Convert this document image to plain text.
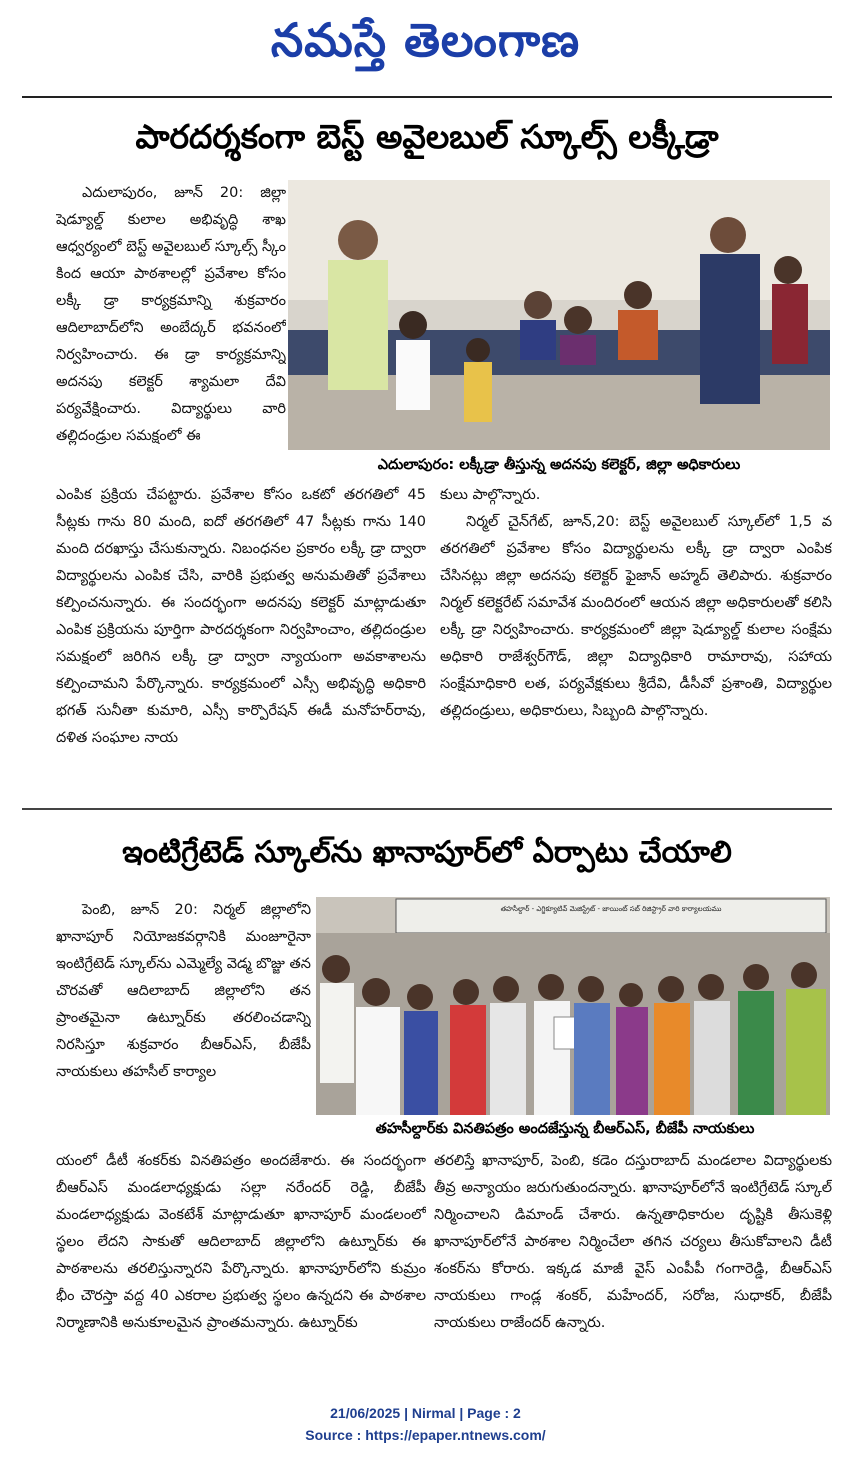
నమస్తే తెలంగాణ
పారదర్శకంగా బెస్ట్ అవైలబుల్ స్కూల్స్ లక్కీడ్రా

ఎదులాపురం, జూన్ 20: జిల్లా షెడ్యూల్డ్ కులాల అభివృద్ధి శాఖ ఆధ్వర్యంలో బెస్ట్ అవైలబుల్ స్కూల్స్ స్కీం కింద ఆయా పాఠశాలల్లో ప్రవేశాల కోసం లక్కీ డ్రా కార్యక్రమాన్ని శుక్రవారం ఆదిలాబాద్‌లోని అంబేద్కర్ భవనంలో నిర్వహించారు. ఈ డ్రా కార్యక్రమాన్ని అదనపు కలెక్టర్ శ్యామలా దేవి పర్యవేక్షించారు. విద్యార్థులు వారి తల్లిదండ్రుల సమక్షంలో ఈ

ఎదులాపురం: లక్కీడ్రా తీస్తున్న అదనపు కలెక్టర్, జిల్లా అధికారులు

ఎంపిక ప్రక్రియ చేపట్టారు. ప్రవేశాల కోసం ఒకటో తరగతిలో 45 సీట్లకు గాను 80 మంది, ఐదో తరగతిలో 47 సీట్లకు గాను 140 మంది దరఖాస్తు చేసుకున్నారు. నిబంధనల ప్రకారం లక్కీ డ్రా ద్వారా విద్యార్థులను ఎంపిక చేసి, వారికి ప్రభుత్వ అనుమతితో ప్రవేశాలు కల్పించనున్నారు. ఈ సందర్భంగా అదనపు కలెక్టర్ మాట్లాడుతూ ఎంపిక ప్రక్రియను పూర్తిగా పారదర్శకంగా నిర్వహించాం, తల్లిదండ్రుల సమక్షంలో జరిగిన లక్కీ డ్రా ద్వారా న్యాయంగా అవకాశాలను కల్పించామని పేర్కొన్నారు. కార్యక్రమంలో ఎస్సీ అభివృద్ధి అధికారి భగత్ సునీతా కుమారి, ఎస్సీ కార్పొరేషన్ ఈడీ మనోహర్‌రావు, దళిత సంఘాల నాయ

కులు పాల్గొన్నారు.

నిర్మల్ చైన్‌గేట్, జూన్,20: బెస్ట్ అవైలబుల్ స్కూల్‌లో 1,5 వ తరగతిలో ప్రవేశాల కోసం విద్యార్థులను లక్కీ డ్రా ద్వారా ఎంపిక చేసినట్లు జిల్లా అదనపు కలెక్టర్ ఫైజాన్ అహ్మద్ తెలిపారు. శుక్రవారం నిర్మల్ కలెక్టరేట్ సమావేశ మందిరంలో ఆయన జిల్లా అధికారులతో కలిసి లక్కీ డ్రా నిర్వహించారు. కార్యక్రమంలో జిల్లా షెడ్యూల్డ్ కులాల సంక్షేమ అధికారి రాజేశ్వర్‌గౌడ్, జిల్లా విద్యాధికారి రామారావు, సహాయ సంక్షేమాధికారి లత, పర్యవేక్షకులు శ్రీదేవి, డీసీవో ప్రశాంతి, విద్యార్థుల తల్లిదండ్రులు, అధికారులు, సిబ్బంది పాల్గొన్నారు.

ఇంటిగ్రేటెడ్ స్కూల్‌ను ఖానాపూర్‌లో ఏర్పాటు చేయాలి

పెంబి, జూన్ 20: నిర్మల్ జిల్లాలోని ఖానాపూర్ నియోజకవర్గానికి మంజూరైనా ఇంటిగ్రేటెడ్ స్కూల్‌ను ఎమ్మెల్యే వెడ్మ బొజ్జు తన చొరవతో ఆదిలాబాద్ జిల్లాలోని తన ప్రాంతమైనా ఉట్నూర్‌కు తరలించడాన్ని నిరసిస్తూ శుక్రవారం బీఆర్‌ఎస్, బీజేపీ నాయకులు తహసీల్ కార్యాల

తహసీల్దార్ - ఎగ్జిక్యూటివ్ మెజిస్ట్రేట్ - జాయింట్ సబ్ రిజిస్ట్రార్ వారి కార్యాలయము
తహసీల్దార్‌కు వినతిపత్రం అందజేస్తున్న బీఆర్‌ఎస్, బీజేపీ నాయకులు

యంలో డీటీ శంకర్‌కు వినతిపత్రం అందజేశారు. ఈ సందర్భంగా బీఆర్‌ఎస్ మండలాధ్యక్షుడు సల్లా నరేందర్ రెడ్డి, బీజేపీ మండలాధ్యక్షుడు వెంకటేశ్ మాట్లాడుతూ ఖానాపూర్ మండలంలో స్థలం లేదని సాకుతో ఆదిలాబాద్ జిల్లాలోని ఉట్నూర్‌కు ఈ పాఠశాలను తరలిస్తున్నారని పేర్కొన్నారు. ఖానాపూర్‌లోని కుమ్రం భీం చౌరస్తా వద్ద 40 ఎకరాల ప్రభుత్వ స్థలం ఉన్నదని ఈ పాఠశాల నిర్మాణానికి అనుకూలమైన ప్రాంతమన్నారు. ఉట్నూర్‌కు

తరలిస్తే ఖానాపూర్, పెంబి, కడెం దస్తురాబాద్ మండలాల విద్యార్థులకు తీవ్ర అన్యాయం జరుగుతుందన్నారు. ఖానాపూర్‌లోనే ఇంటిగ్రేటెడ్ స్కూల్ నిర్మించాలని డిమాండ్ చేశారు. ఉన్నతాధికారుల దృష్టికి తీసుకెళ్లి ఖానాపూర్‌లోనే పాఠశాల నిర్మించేలా తగిన చర్యలు తీసుకోవాలని డీటీ శంకర్‌ను కోరారు. ఇక్కడ మాజీ వైస్ ఎంపీపీ గంగారెడ్డి, బీఆర్‌ఎస్ నాయకులు గాండ్ల శంకర్, మహేందర్, సరోజ, సుధాకర్, బీజేపీ నాయకులు రాజేందర్ ఉన్నారు.

21/06/2025 | Nirmal | Page : 2
Source : https://epaper.ntnews.com/
